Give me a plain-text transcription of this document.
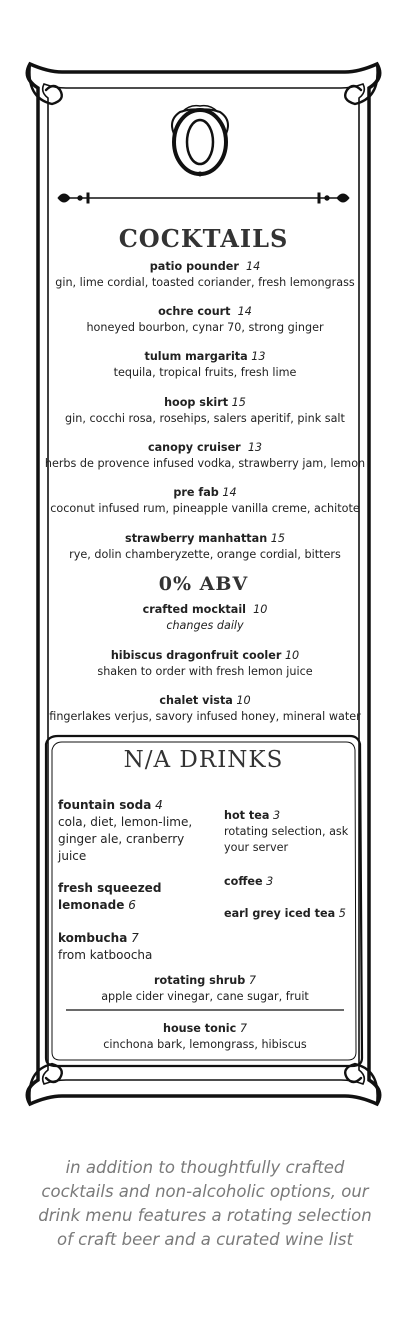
COCKTAILS
patio pounder 14
gin, lime cordial, toasted coriander, fresh lemongrass
ochre court 14
honeyed bourbon, cynar 70, strong ginger
tulum margarita 13
tequila, tropical fruits, fresh lime
hoop skirt 15
gin, cocchi rosa, rosehips, salers aperitif, pink salt
canopy cruiser 13
herbs de provence infused vodka, strawberry jam, lemon
pre fab 14
coconut infused rum, pineapple vanilla creme, achitote
strawberry manhattan 15
rye, dolin chamberyzette, orange cordial, bitters
0% ABV
crafted mocktail 10
changes daily
hibiscus dragonfruit cooler 10
shaken to order with fresh lemon juice
chalet vista 10
fingerlakes verjus, savory infused honey, mineral water
N/A DRINKS
fountain soda 4
cola, diet, lemon-lime, ginger ale, cranberry juice
fresh squeezed lemonade 6
kombucha 7
from katboocha
hot tea 3
rotating selection, ask your server
coffee 3
earl grey iced tea 5
rotating shrub 7
apple cider vinegar, cane sugar, fruit
house tonic 7
cinchona bark, lemongrass, hibiscus
in addition to thoughtfully crafted cocktails and non-alcoholic options, our drink menu features a rotating selection of craft beer and a curated wine list
